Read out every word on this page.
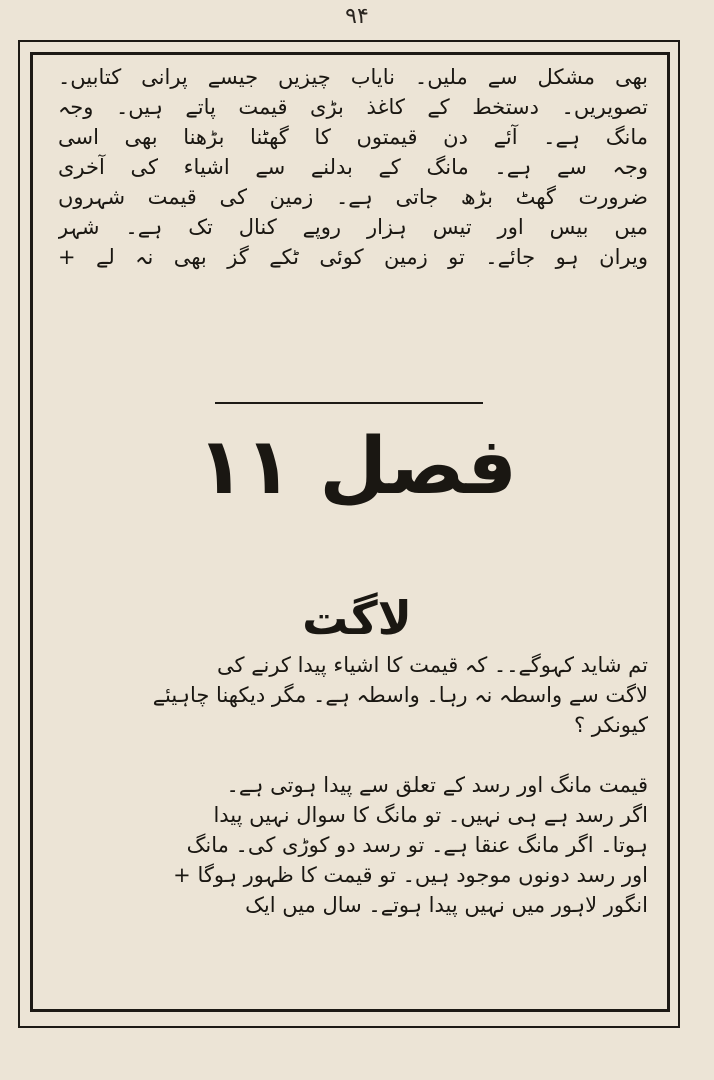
۹۴
بھی مشکل سے ملیں۔ نایاب چیزیں جیسے پرانی کتابیں۔
تصویریں۔ دستخط کے کاغذ بڑی قیمت پاتے ہیں۔ وجہ
مانگ ہے۔ آئے دن قیمتوں کا گھٹنا بڑھنا بھی اسی
وجہ سے ہے۔ مانگ کے بدلنے سے اشیاء کی آخری
ضرورت گھٹ بڑھ جاتی ہے۔ زمین کی قیمت شہروں
میں بیس اور تیس ہزار روپے کنال تک ہے۔ شہر
ویران ہو جائے۔ تو زمین کوئی ٹکے گز بھی نہ لے +
فصل ١١
لاگت
تم شاید کہوگے۔۔ کہ قیمت کا اشیاء پیدا کرنے کی
لاگت سے واسطہ نہ رہا۔ واسطہ ہے۔ مگر دیکھنا چاہیئے
کیونکر ؟
قیمت مانگ اور رسد کے تعلق سے پیدا ہوتی ہے۔
اگر رسد ہے ہی نہیں۔ تو مانگ کا سوال نہیں پیدا
ہوتا۔ اگر مانگ عنقا ہے۔ تو رسد دو کوڑی کی۔ مانگ
اور رسد دونوں موجود ہیں۔ تو قیمت کا ظہور ہوگا +
انگور لاہور میں نہیں پیدا ہوتے۔ سال میں ایک
